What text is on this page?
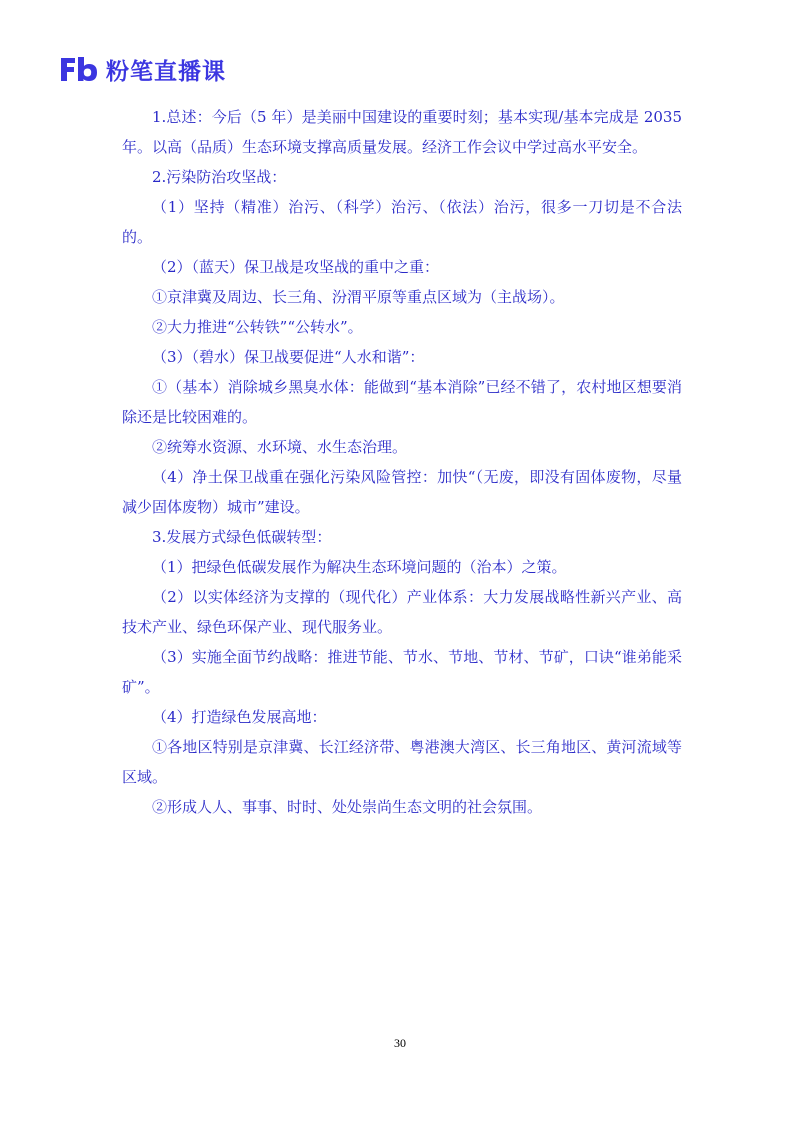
粉笔直播课

1.总述：今后（5 年）是美丽中国建设的重要时刻；基本实现/基本完成是 2035 年。以高（品质）生态环境支撑高质量发展。经济工作会议中学过高水平安全。

2.污染防治攻坚战：

（1）坚持（精准）治污、（科学）治污、（依法）治污，很多一刀切是不合法的。

（2）（蓝天）保卫战是攻坚战的重中之重：

①京津冀及周边、长三角、汾渭平原等重点区域为（主战场）。

②大力推进“公转铁”“公转水”。

（3）（碧水）保卫战要促进“人水和谐”：

①（基本）消除城乡黑臭水体：能做到“基本消除”已经不错了，农村地区想要消除还是比较困难的。

②统筹水资源、水环境、水生态治理。

（4）净土保卫战重在强化污染风险管控：加快“（无废，即没有固体废物，尽量减少固体废物）城市”建设。

3.发展方式绿色低碳转型：

（1）把绿色低碳发展作为解决生态环境问题的（治本）之策。

（2）以实体经济为支撑的（现代化）产业体系：大力发展战略性新兴产业、高技术产业、绿色环保产业、现代服务业。

（3）实施全面节约战略：推进节能、节水、节地、节材、节矿，口诀“谁弟能采矿”。

（4）打造绿色发展高地：

①各地区特别是京津冀、长江经济带、粤港澳大湾区、长三角地区、黄河流域等区域。

②形成人人、事事、时时、处处崇尚生态文明的社会氛围。

30
